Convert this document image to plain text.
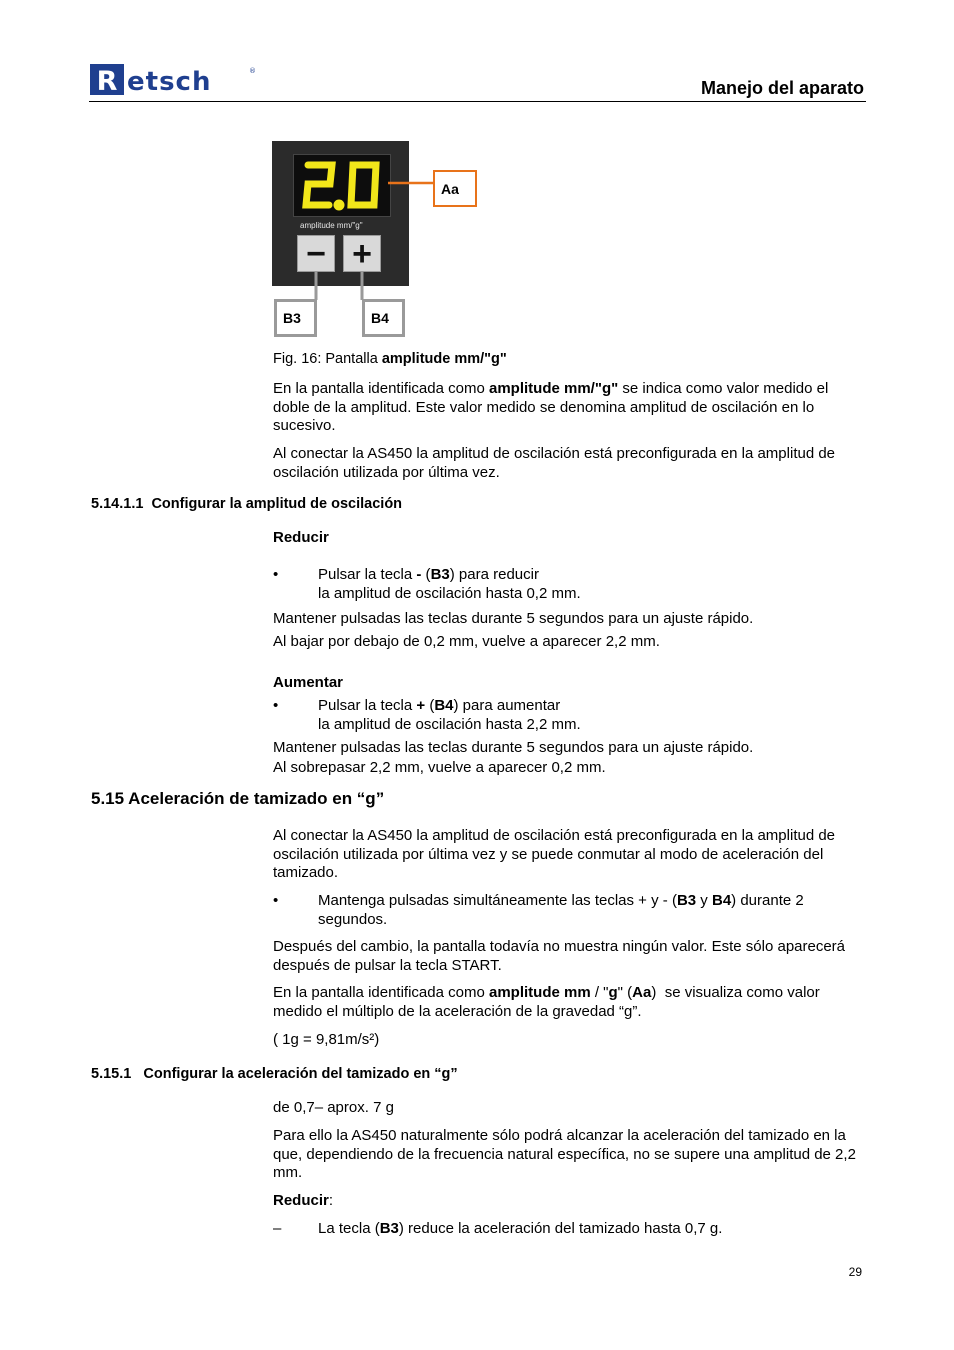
R etsch	®
Manejo del aparato
amplitude mm/"g"
− +
Aa
B3	B4
Fig. 16: Pantalla amplitude mm/"g"
En la pantalla identificada como amplitude mm/"g" se indica como valor medido el doble de la amplitud. Este valor medido se denomina amplitud de oscilación en lo sucesivo.
Al conectar la AS450 la amplitud de oscilación está preconfigurada en la amplitud de oscilación utilizada por última vez.
5.14.1.1  Configurar la amplitud de oscilación
Reducir
•	Pulsar la tecla - (B3) para reducir
la amplitud de oscilación hasta 0,2 mm.
Mantener pulsadas las teclas durante 5 segundos para un ajuste rápido.
Al bajar por debajo de 0,2 mm, vuelve a aparecer 2,2 mm.
Aumentar
•	Pulsar la tecla + (B4) para aumentar
la amplitud de oscilación hasta 2,2 mm.
Mantener pulsadas las teclas durante 5 segundos para un ajuste rápido.
Al sobrepasar 2,2 mm, vuelve a aparecer 0,2 mm.
5.15 Aceleración de tamizado en “g”
Al conectar la AS450 la amplitud de oscilación está preconfigurada en la amplitud de oscilación utilizada por última vez y se puede conmutar al modo de aceleración del tamizado.
•	Mantenga pulsadas simultáneamente las teclas + y - (B3 y B4) durante 2 segundos.
Después del cambio, la pantalla todavía no muestra ningún valor. Este sólo aparecerá después de pulsar la tecla START.
En la pantalla identificada como amplitude mm / "g" (Aa)  se visualiza como valor medido el múltiplo de la aceleración de la gravedad “g”.
( 1g = 9,81m/s²)
5.15.1   Configurar la aceleración del tamizado en “g”
de 0,7– aprox. 7 g
Para ello la AS450 naturalmente sólo podrá alcanzar la aceleración del tamizado en la que, dependiendo de la frecuencia natural específica, no se supere una amplitud de 2,2 mm.
Reducir:
– La tecla (B3) reduce la aceleración del tamizado hasta 0,7 g.
29
